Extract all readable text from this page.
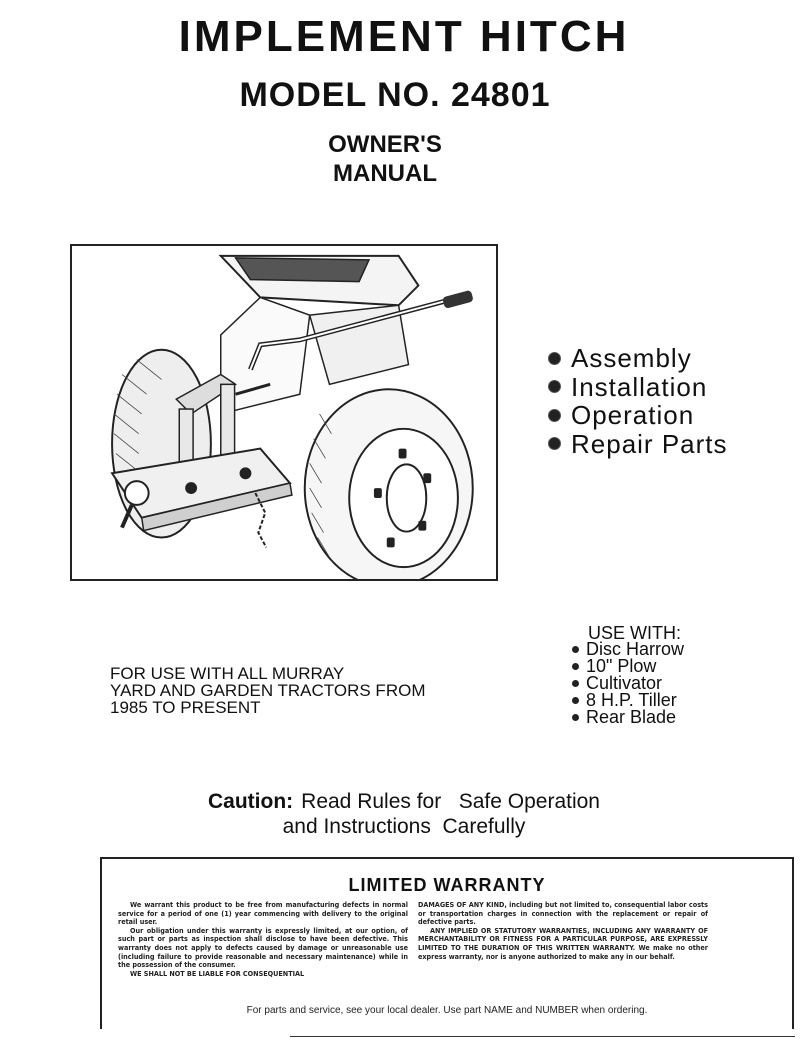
IMPLEMENT HITCH
MODEL NO. 24801
OWNER'S
MANUAL
Assembly
Installation
Operation
Repair Parts
USE WITH:
Disc Harrow
10" Plow
Cultivator
8 H.P. Tiller
Rear Blade
FOR USE WITH ALL MURRAY
YARD AND GARDEN TRACTORS FROM
1985 TO PRESENT
Caution: Read Rules for   Safe Operation
and Instructions  Carefully
LIMITED WARRANTY

We warrant this product to be free from manufacturing defects in normal service for a period of one (1) year commencing with delivery to the original retail user.

Our obligation under this warranty is expressly limited, at our option, of such part or parts as inspection shall disclose to have been defective. This warranty does not apply to defects caused by damage or unreasonable use (including failure to provide reasonable and necessary maintenance) while in the possession of the consumer.

WE SHALL NOT BE LIABLE FOR CONSEQUENTIAL

DAMAGES OF ANY KIND, including but not limited to, consequential labor costs or transportation charges in connection with the replacement or repair of defective parts.

ANY IMPLIED OR STATUTORY WARRANTIES, INCLUDING ANY WARRANTY OF MERCHANTABILITY OR FITNESS FOR A PARTICULAR PURPOSE, ARE EXPRESSLY LIMITED TO THE DURATION OF THIS WRITTEN WARRANTY. We make no other express warranty, nor is anyone authorized to make any in our behalf.

For parts and service, see your local dealer. Use part NAME and NUMBER when ordering.
